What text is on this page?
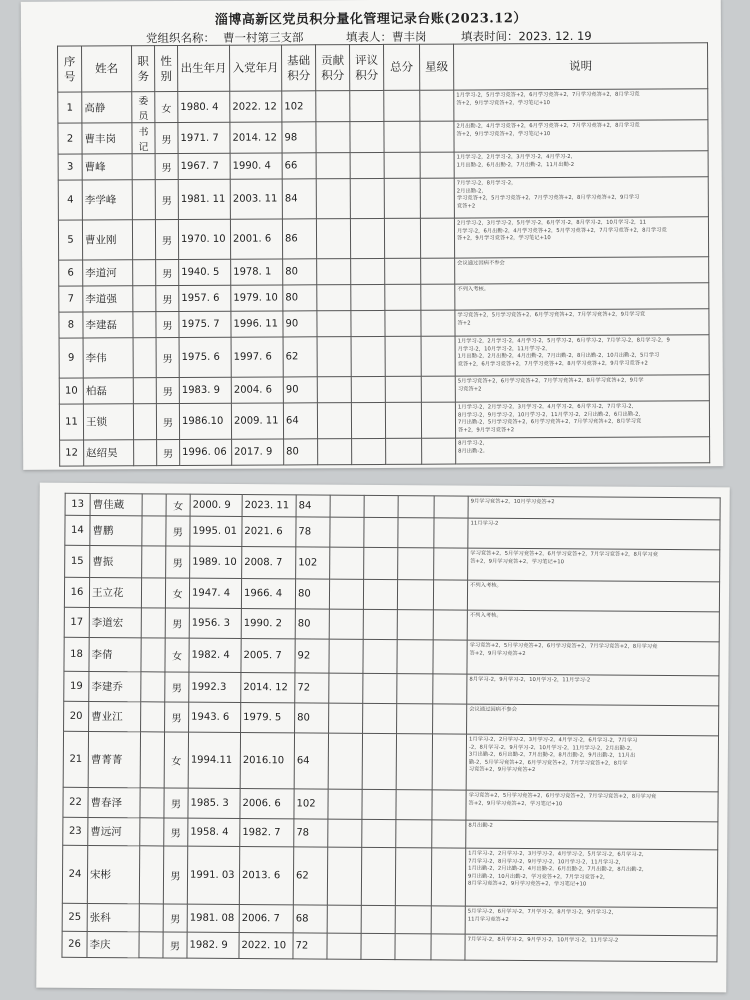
淄博高新区党员积分量化管理记录台账(2023.12）
党组织名称： 曹一村第三支部	填表人：曹丰岗	填表时间：2023. 12. 19
序号	姓名	职务	性别	出生年月	入党年月	基础积分	贡献积分	评议积分	总分	星级	说明
1	高静	委员	女	1980. 4	2022. 12	102					1月学习-2，5月学习竞答+2，6月学习竞答+2，7月学习竞答+2，8月学习竞
答+2，9月学习竞答+2，学习笔记+10
2	曹丰岗	书记	男	1971. 7	2014. 12	98					2月出勤-2，4月学习竞答+2，6月学习竞答+2，7月学习竞答+2，8月学习竞
答+2，9月学习竞答+2，学习笔记+10
3	曹峰		男	1967. 7	1990. 4	66					1月学习-2，2月学习-2，3月学习-2，4月学习-2，
1月出勤-2，6月出勤-2，7月出勤-2，11月出勤-2
4	李学峰		男	1981. 11	2003. 11	84					7月学习-2，8月学习-2，
2月出勤-2，
学习竞答+2，5月学习竞答+2，7月学习竞答+2，8月学习竞答+2，9月学习
竞答+2
5	曹业刚		男	1970. 10	2001. 6	86					2月学习-2，3月学习-2，5月学习-2，6月学习-2，8月学习-2，10月学习-2，11
月学习-2，6月出勤-2，4月学习竞答+2，5月学习竞答+2，7月学习竞答+2，8月学习竞
答+2，9月学习竞答+2，学习笔记+10
6	李道河		男	1940. 5	1978. 1	80					会议通过因病不参会
7	李道强		男	1957. 6	1979. 10	80					不列入考核。
8	李建磊		男	1975. 7	1996. 11	90					学习竞答+2，5月学习竞答+2，6月学习竞答+2，7月学习竞答+2，9月学习竞
答+2
9	李伟		男	1975. 6	1997. 6	62					1月学习-2，2月学习-2，4月学习-2，5月学习-2，6月学习-2，7月学习-2，8月学习-2，9
月学习-2，10月学习-2，11月学习-2，
1月出勤-2，2月出勤-2，4月出勤-2，7月出勤-2，8月出勤-2，10月出勤-2，5月学习
竞答+2，6月学习竞答+2，7月学习竞答+2，8月学习竞答+2，9月学习竞答+2
10	柏磊		男	1983. 9	2004. 6	90					5月学习竞答+2，6月学习竞答+2，7月学习竞答+2，8月学习竞答+2，9月学
习竞答+2
11	王锁		男	1986.10	2009. 11	64					1月学习-2，2月学习-2，3月学习-2，4月学习-2，6月学习-2，7月学习-2，
8月学习-2，9月学习-2，10月学习-2，11月学习-2，2月出勤-2，6月出勤-2，
7月出勤-2，5月学习竞答+2，6月学习竞答+2，7月学习竞答+2，8月学习竞
答+2，9月学习竞答+2
12	赵绍昊		男	1996. 06	2017. 9	80					8月学习-2，
8月出勤-2。
13	曹佳蔵		女	2000. 9	2023. 11	84					9月学习竞答+2，10月学习竞答+2
14	曹鹏		男	1995. 01	2021. 6	78					11月学习-2
15	曹振		男	1989. 10	2008. 7	102					学习竞答+2，5月学习竞答+2，6月学习竞答+2，7月学习竞答+2，8月学习竞
答+2，9月学习竞答+2，学习笔记+10
16	王立花		女	1947. 4	1966. 4	80					不列入考核。
17	李道宏		男	1956. 3	1990. 2	80					不列入考核。
18	李倩		女	1982. 4	2005. 7	92					学习竞答+2，5月学习竞答+2，6月学习竞答+2，7月学习竞答+2，8月学习竞
答+2，9月学习竞答+2
19	李建乔		男	1992.3	2014. 12	72					8月学习-2，9月学习-2，10月学习-2，11月学习-2
20	曹业江		男	1943. 6	1979. 5	80					会议通过因病不参会
21	曹菁菁		女	1994.11	2016.10	64					1月学习-2，2月学习-2，3月学习-2，4月学习-2，6月学习-2，7月学习
-2，8月学习-2，9月学习-2，10月学习-2，11月学习-2，2月出勤-2，
3月出勤-2，6月出勤-2，7月出勤-2，8月出勤-2，9月出勤-2，11月出
勤-2，5月学习竞答+2，6月学习竞答+2，7月学习竞答+2，8月学
习竞答+2，9月学习竞答+2
22	曹春泽		男	1985. 3	2006. 6	102					学习竞答+2，5月学习竞答+2，6月学习竞答+2，7月学习竞答+2，8月学习竞
答+2，9月学习竞答+2，学习笔记+10
23	曹远河		男	1958. 4	1982. 7	78					8月出勤-2
24	宋彬		男	1991. 03	2013. 6	62					1月学习-2，2月学习-2，3月学习-2，4月学习-2，5月学习-2，6月学习-2，
7月学习-2，8月学习-2，9月学习-2，10月学习-2，11月学习-2，
1月出勤-2，2月出勤-2，4月出勤-2，6月出勤-2，7月出勤-2，8月出勤-2，
9月出勤-2，10月出勤-2，学习竞答+2，7月学习竞答+2，
8月学习竞答+2，9月学习竞答+2，学习笔记+10
25	张科		男	1981. 08	2006. 7	68					5月学习-2，6月学习-2，7月学习-2，8月学习-2，9月学习-2，
11月学习竞答+2
26	李庆		男	1982. 9	2022. 10	72					7月学习-2，8月学习-2，9月学习-2，10月学习-2，11月学习-2
